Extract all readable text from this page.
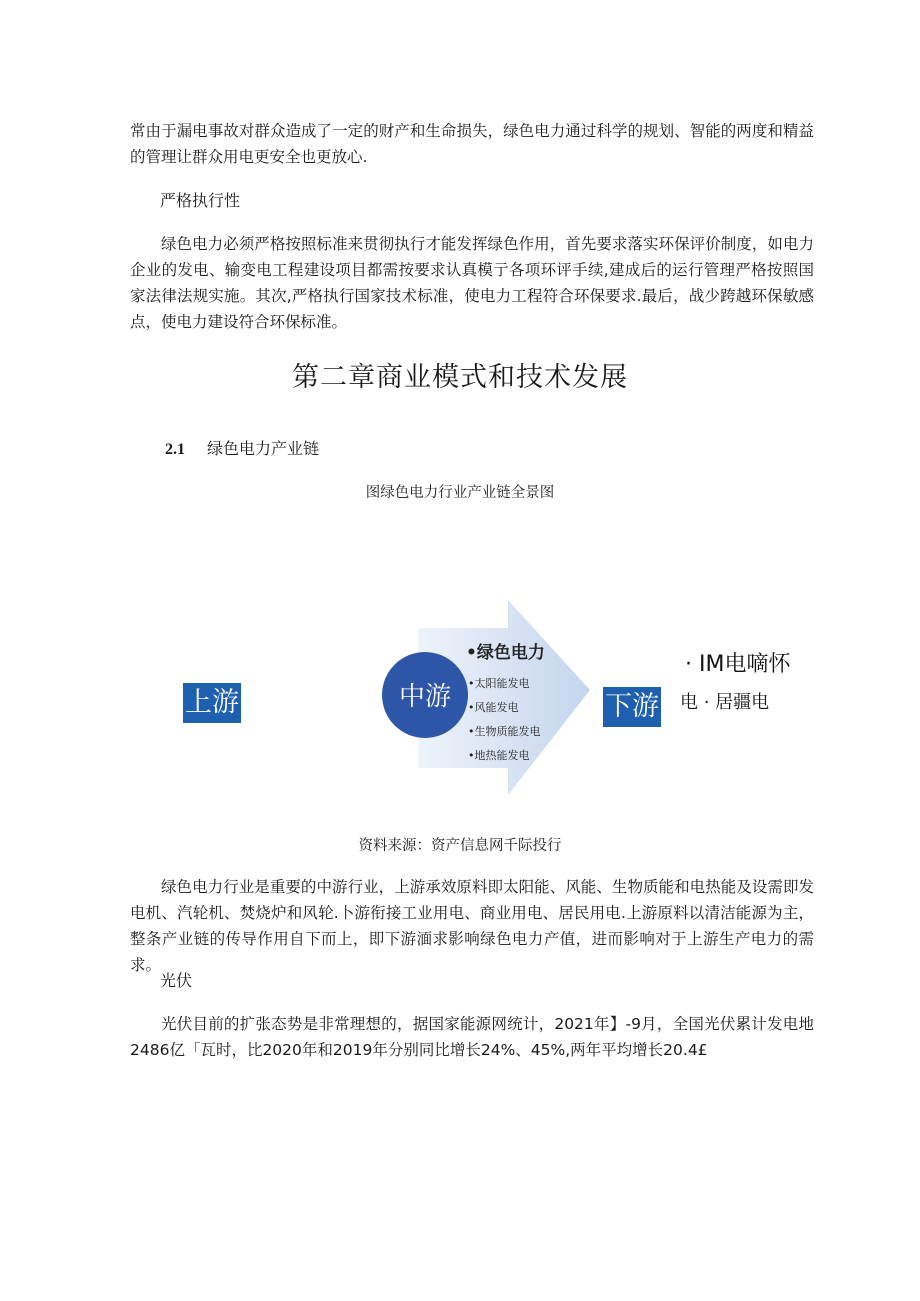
常由于漏电事故对群众造成了一定的财产和生命损失，绿色电力通过科学的规划、智能的两度和精益的管理让群众用电更安全也更放心.

严格执行性

绿色电力必须严格按照标准来贯彻执行才能发挥绿色作用，首先要求落实环保评价制度，如电力企业的发电、输变电工程建设项目都需按要求认真模亍各项环评手续,建成后的运行管理严格按照国家法律法规实施。其次,严格执行国家技术标准，使电力工程符合环保要求.最后，战少跨越环保敏感点，使电力建设符合环保标准。

第二章商业模式和技术发展
2.1 绿色电力产业链
图绿色电力行业产业链全景图
上游	中游
•绿色电力
•太阳能发电
•风能发电
•生物质能发电
•地热能发电
下游
· IM电嘀怀
电 · 居疆电
资料来源：资产信息网千际投行

绿色电力行业是重要的中游行业，上游承效原料即太阳能、风能、生物质能和电热能及设需即发电机、汽轮机、焚烧炉和风轮.卜游衔接工业用电、商业用电、居民用电.上游原料以清洁能源为主，整条产业链的传导作用自下而上，即下游湎求影响绿色电力产值，进而影响对于上游生产电力的需求。

光伏

光伏目前的扩张态势是非常理想的，据国家能源网统计，2021年】-9月，全国光伏累计发电地2486亿「瓦时，比2020年和2019年分别同比增长24%、45%,两年平均增长20.4£
